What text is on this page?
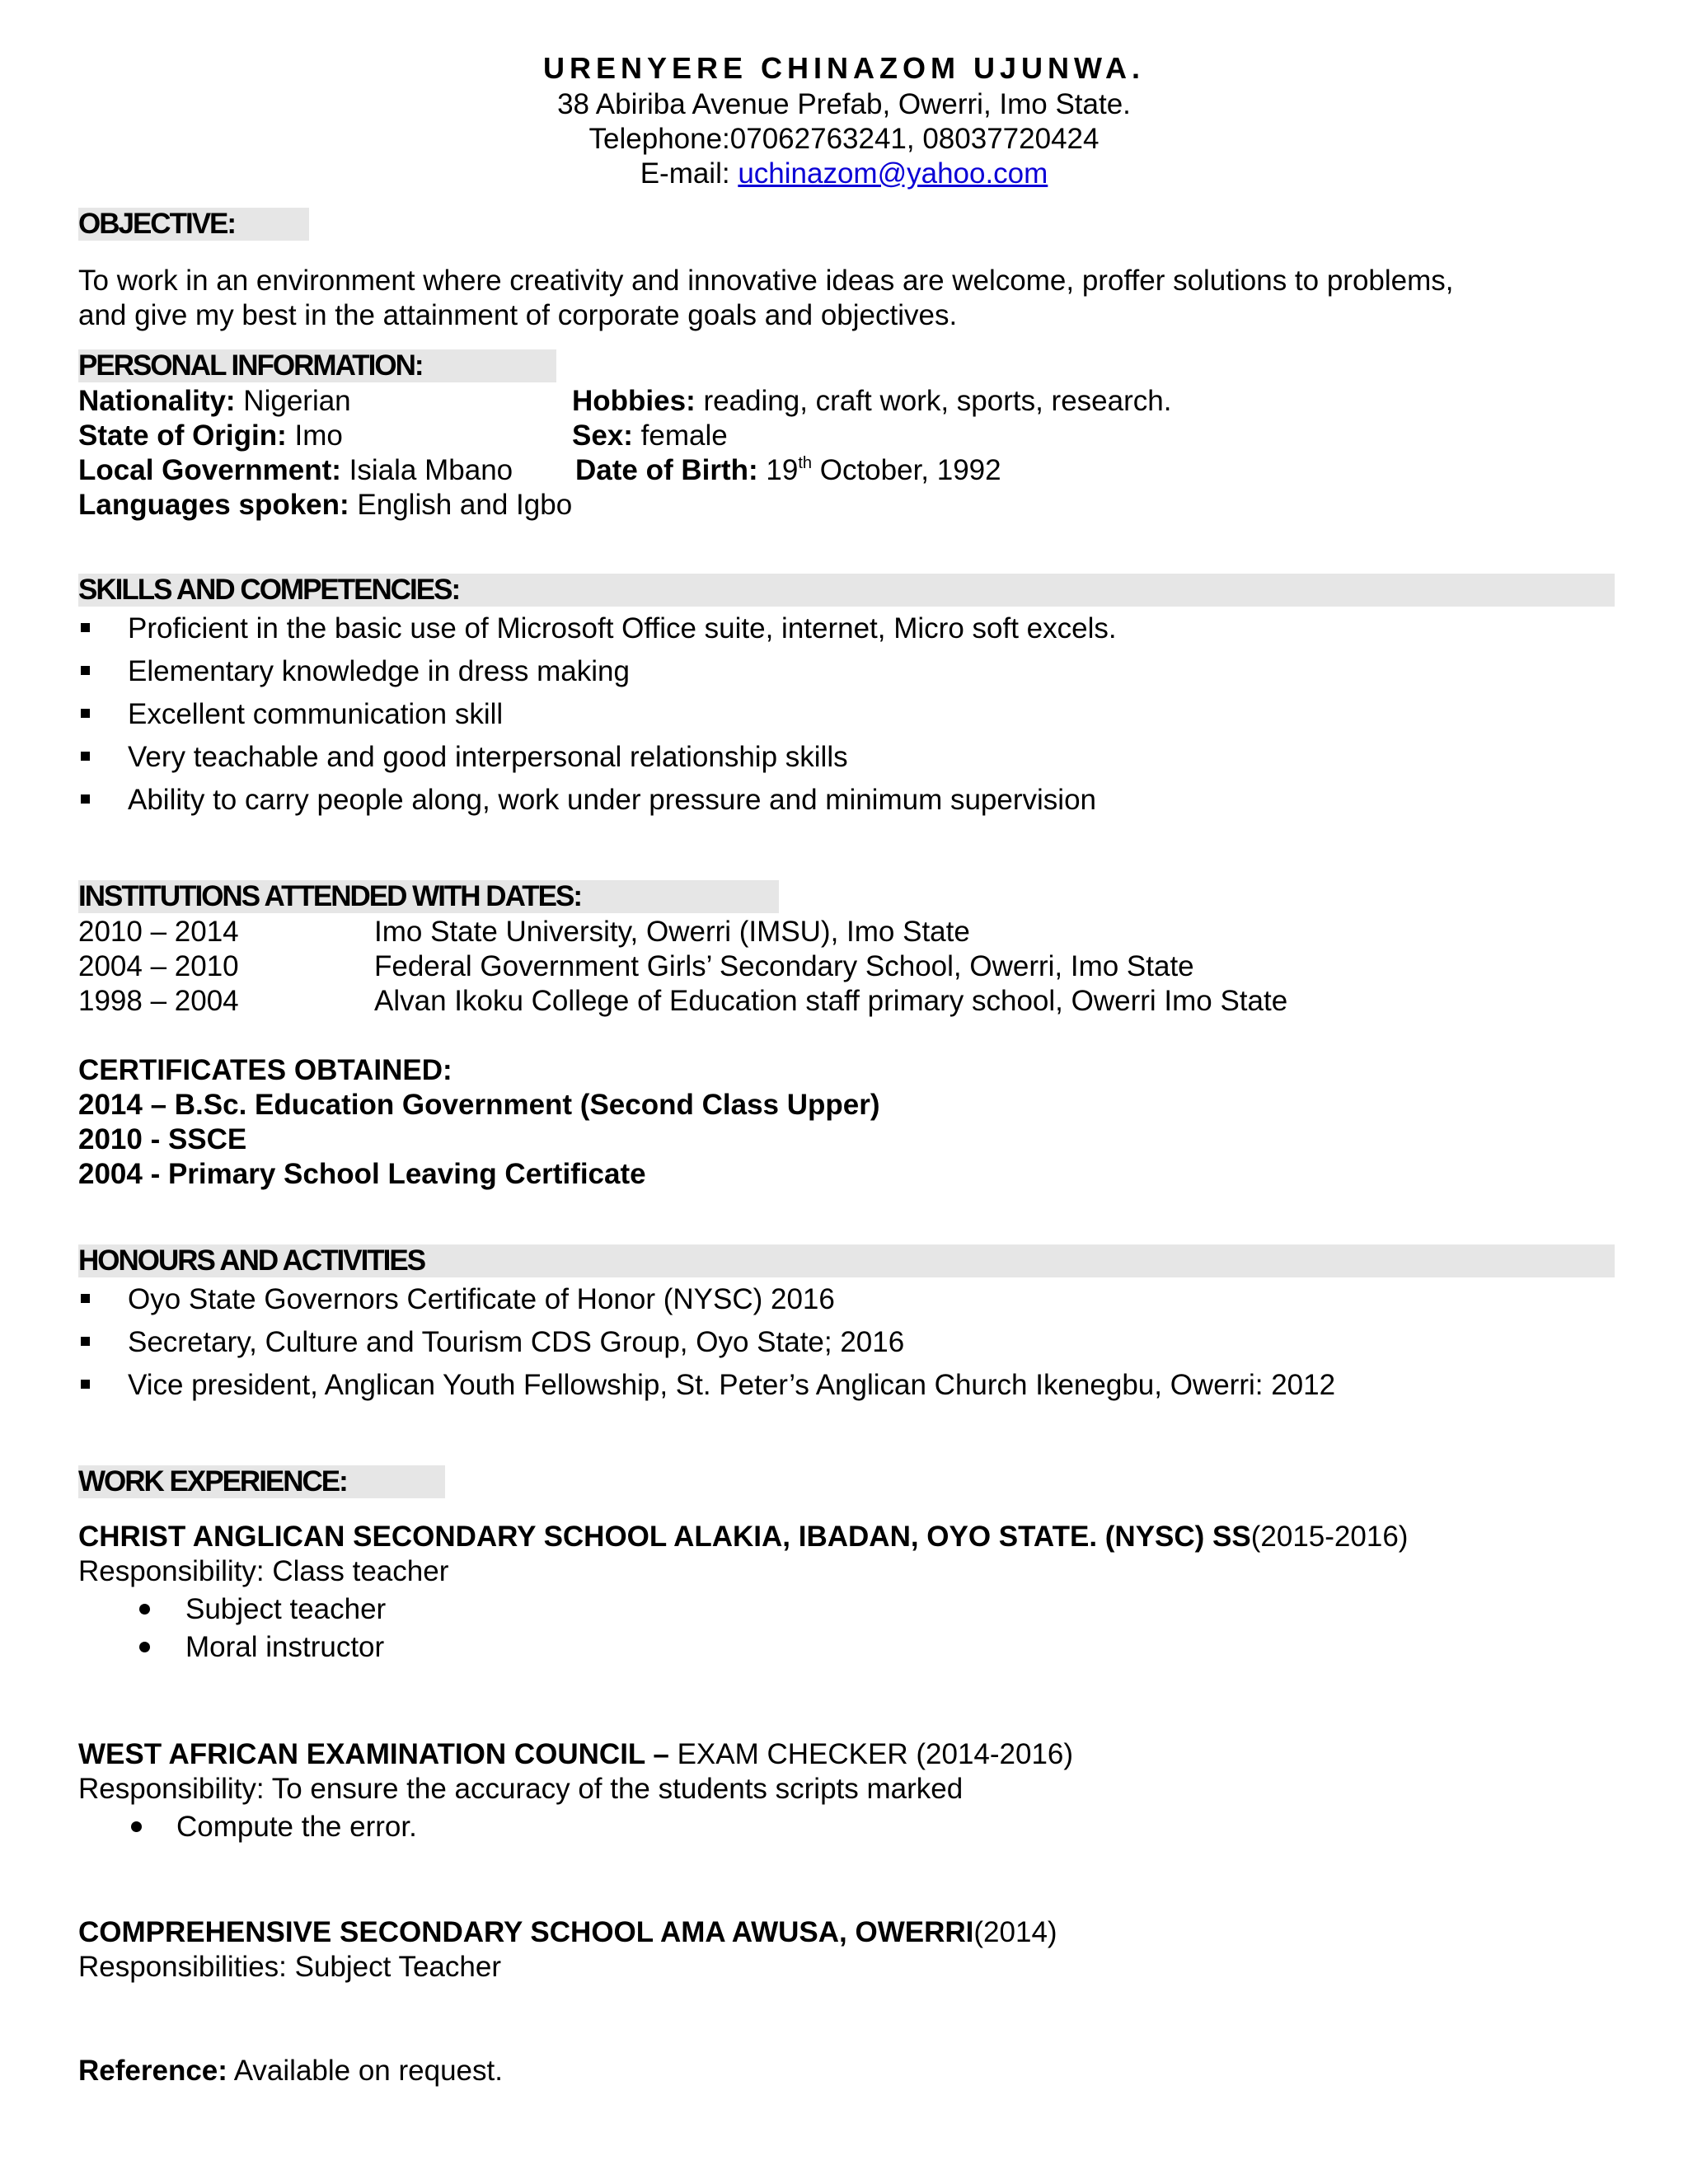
URENYERE CHINAZOM UJUNWA.
38 Abiriba Avenue Prefab, Owerri, Imo State.
Telephone:07062763241, 08037720424
E-mail: uchinazom@yahoo.com
OBJECTIVE:
To work in an environment where creativity and innovative ideas are welcome, proffer solutions to problems,
and give my best in the attainment of corporate goals and objectives.
PERSONAL INFORMATION:
Nationality: Nigerian	Hobbies: reading, craft work, sports, research.
State of Origin: Imo	Sex: female
Local Government: Isiala Mbano Date of Birth: 19th October, 1992
Languages spoken: English and Igbo
SKILLS AND COMPETENCIES:
Proficient in the basic use of Microsoft Office suite, internet, Micro soft excels.
Elementary knowledge in dress making
Excellent communication skill
Very teachable and good interpersonal relationship skills
Ability to carry people along, work under pressure and minimum supervision
INSTITUTIONS ATTENDED WITH DATES:
2010 – 2014	Imo State University, Owerri (IMSU), Imo State
2004 – 2010	Federal Government Girls’ Secondary School, Owerri, Imo State
1998 – 2004	Alvan Ikoku College of Education staff primary school, Owerri Imo State
CERTIFICATES OBTAINED:
2014 – B.Sc. Education Government (Second Class Upper)
2010 - SSCE
2004 - Primary School Leaving Certificate
HONOURS AND ACTIVITIES
Oyo State Governors Certificate of Honor (NYSC) 2016
Secretary, Culture and Tourism CDS Group, Oyo State; 2016
Vice president, Anglican Youth Fellowship, St. Peter’s Anglican Church Ikenegbu, Owerri: 2012
WORK EXPERIENCE:
CHRIST ANGLICAN SECONDARY SCHOOL ALAKIA, IBADAN, OYO STATE. (NYSC) SS(2015-2016)
Responsibility: Class teacher
Subject teacher
Moral instructor
WEST AFRICAN EXAMINATION COUNCIL – EXAM CHECKER (2014-2016)
Responsibility: To ensure the accuracy of the students scripts marked
Compute the error.
COMPREHENSIVE SECONDARY SCHOOL AMA AWUSA, OWERRI(2014)
Responsibilities: Subject Teacher
Reference: Available on request.
